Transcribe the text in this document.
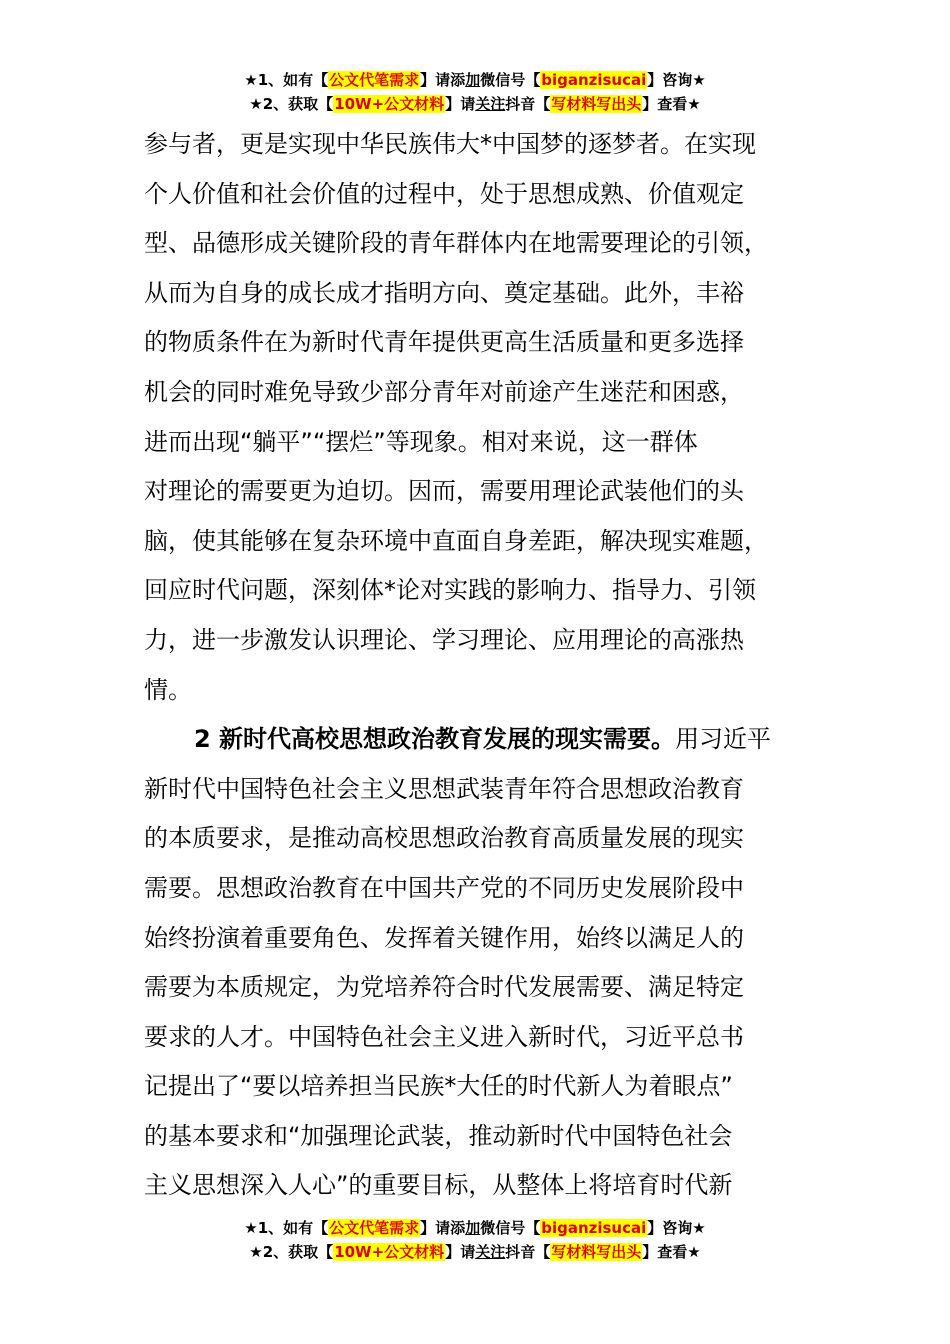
★1、如有【公文代笔需求】请添加微信号【biganzisucai】咨询★
★2、获取【10W+公文材料】请关注抖音【写材料写出头】查看★
参与者，更是实现中华民族伟大*中国梦的逐梦者。在实现
个人价值和社会价值的过程中，处于思想成熟、价值观定
型、品德形成关键阶段的青年群体内在地需要理论的引领，
从而为自身的成长成才指明方向、奠定基础。此外，丰裕
的物质条件在为新时代青年提供更高生活质量和更多选择
机会的同时难免导致少部分青年对前途产生迷茫和困惑，
进而出现“躺平”“摆烂”等现象。相对来说，这一群体
对理论的需要更为迫切。因而，需要用理论武装他们的头
脑，使其能够在复杂环境中直面自身差距，解决现实难题，
回应时代问题，深刻体*论对实践的影响力、指导力、引领
力，进一步激发认识理论、学习理论、应用理论的高涨热
情。
2 新时代高校思想政治教育发展的现实需要。用习近平
新时代中国特色社会主义思想武装青年符合思想政治教育
的本质要求，是推动高校思想政治教育高质量发展的现实
需要。思想政治教育在中国共产党的不同历史发展阶段中
始终扮演着重要角色、发挥着关键作用，始终以满足人的
需要为本质规定，为党培养符合时代发展需要、满足特定
要求的人才。中国特色社会主义进入新时代，习近平总书
记提出了“要以培养担当民族*大任的时代新人为着眼点”
的基本要求和“加强理论武装，推动新时代中国特色社会
主义思想深入人心”的重要目标，从整体上将培育时代新
★1、如有【公文代笔需求】请添加微信号【biganzisucai】咨询★
★2、获取【10W+公文材料】请关注抖音【写材料写出头】查看★
